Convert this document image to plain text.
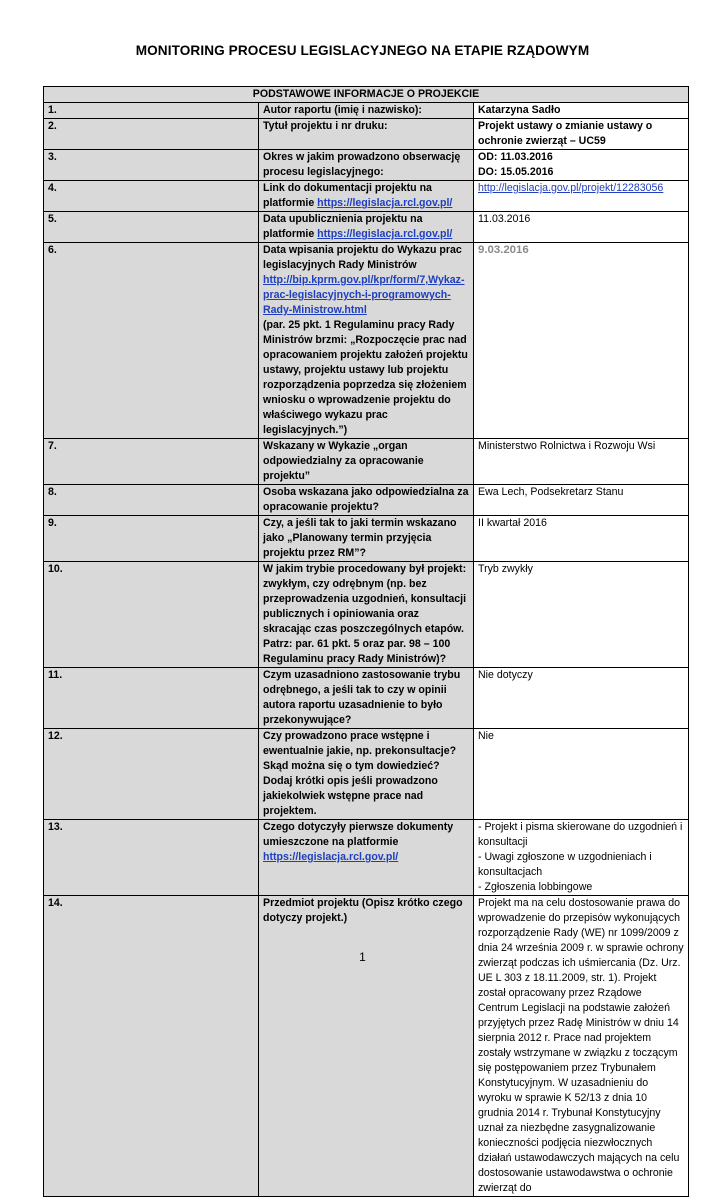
MONITORING PROCESU LEGISLACYJNEGO NA ETAPIE RZĄDOWYM
PODSTAWOWE INFORMACJE O PROJEKCIE		
1.	Autor raportu (imię i nazwisko):	Katarzyna Sadło
2.	Tytuł projektu i nr druku:	Projekt ustawy o zmianie ustawy o ochronie zwierząt – UC59
3.	Okres w jakim prowadzono obserwację procesu legislacyjnego:	OD: 11.03.2016
DO: 15.05.2016

4.	Link do dokumentacji projektu na platformie https://legislacja.rcl.gov.pl/	http://legislacja.gov.pl/projekt/12283056
5.	Data upublicznienia projektu na platformie https://legislacja.rcl.gov.pl/	11.03.2016
6.	Data wpisania projektu do Wykazu prac legislacyjnych Rady Ministrów http://bip.kprm.gov.pl/kpr/form/7,Wykaz-prac-legislacyjnych-i-programowych-Rady-Ministrow.html
(par. 25 pkt. 1 Regulaminu pracy Rady Ministrów brzmi: „Rozpoczęcie prac nad opracowaniem projektu założeń projektu ustawy, projektu ustawy lub projektu rozporządzenia poprzedza się złożeniem wniosku o wprowadzenie projektu do właściwego wykazu prac legislacyjnych.”)	9.03.2016
7.	Wskazany w Wykazie „organ odpowiedzialny za opracowanie projektu”	Ministerstwo Rolnictwa i Rozwoju Wsi
8.	Osoba wskazana jako odpowiedzialna za opracowanie projektu?	Ewa Lech, Podsekretarz Stanu
9.	Czy, a jeśli tak to jaki termin wskazano jako „Planowany termin przyjęcia projektu przez RM”?	II kwartał 2016
10.	W jakim trybie procedowany był projekt: zwykłym, czy odrębnym (np. bez przeprowadzenia uzgodnień, konsultacji publicznych i opiniowania oraz skracając czas poszczególnych etapów. Patrz: par. 61 pkt. 5 oraz par. 98 – 100 Regulaminu pracy Rady Ministrów)?	Tryb zwykły
11.	Czym uzasadniono zastosowanie trybu odrębnego, a jeśli tak to czy w opinii autora raportu uzasadnienie to było przekonywujące?	Nie dotyczy
12.	Czy prowadzono prace wstępne i ewentualnie jakie, np. prekonsultacje? Skąd można się o tym dowiedzieć? Dodaj krótki opis jeśli prowadzono jakiekolwiek wstępne prace nad projektem.	Nie
13.	Czego dotyczyły pierwsze dokumenty umieszczone na platformie https://legislacja.rcl.gov.pl/	- Projekt i pisma skierowane do uzgodnień i konsultacji
- Uwagi zgłoszone w uzgodnieniach i konsultacjach
- Zgłoszenia lobbingowe

14.	Przedmiot projektu (Opisz krótko czego dotyczy projekt.)	Projekt ma na celu dostosowanie prawa do wprowadzenie do przepisów wykonujących rozporządzenie Rady (WE) nr 1099/2009 z dnia 24 września 2009 r. w sprawie ochrony zwierząt podczas ich uśmiercania (Dz. Urz. UE L 303 z 18.11.2009, str. 1). Projekt został opracowany przez Rządowe Centrum Legislacji na podstawie założeń przyjętych przez Radę Ministrów w dniu 14 sierpnia 2012 r. Prace nad projektem zostały wstrzymane w związku z toczącym się postępowaniem przez Trybunałem Konstytucyjnym. W uzasadnieniu do wyroku w sprawie K 52/13 z dnia 10 grudnia 2014 r. Trybunał Konstytucyjny uznał za niezbędne zasygnalizowanie konieczności podjęcia niezwłocznych działań ustawodawczych mających na celu dostosowanie ustawodawstwa o ochronie zwierząt do
1
